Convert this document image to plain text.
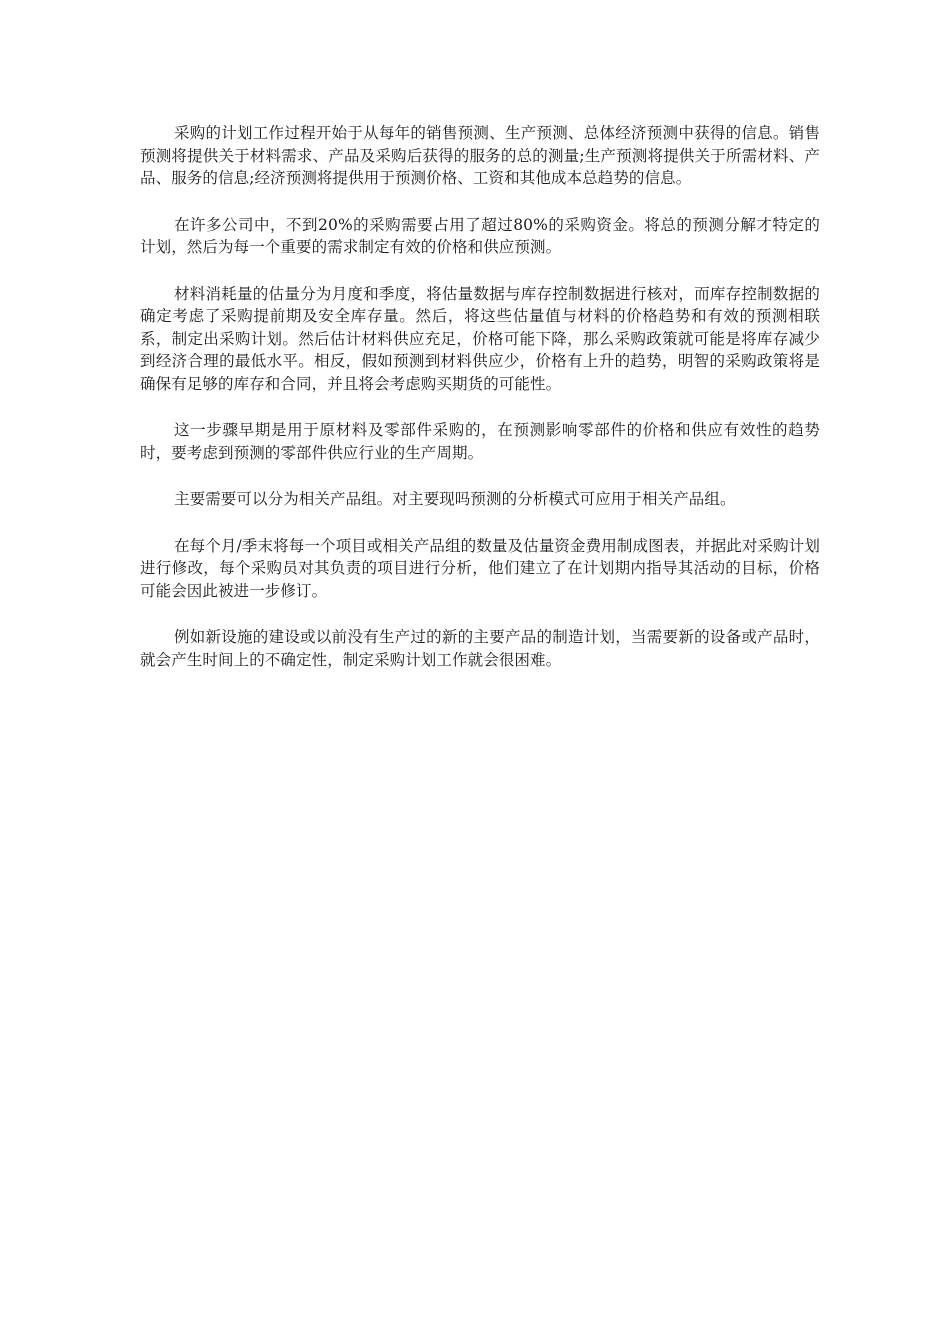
采购的计划工作过程开始于从每年的销售预测、生产预测、总体经济预测中获得的信息。销售预测将提供关于材料需求、产品及采购后获得的服务的总的测量;生产预测将提供关于所需材料、产品、服务的信息;经济预测将提供用于预测价格、工资和其他成本总趋势的信息。

在许多公司中，不到20%的采购需要占用了超过80%的采购资金。将总的预测分解才特定的计划，然后为每一个重要的需求制定有效的价格和供应预测。

材料消耗量的估量分为月度和季度，将估量数据与库存控制数据进行核对，而库存控制数据的确定考虑了采购提前期及安全库存量。然后，将这些估量值与材料的价格趋势和有效的预测相联系，制定出采购计划。然后估计材料供应充足，价格可能下降，那么采购政策就可能是将库存减少到经济合理的最低水平。相反，假如预测到材料供应少，价格有上升的趋势，明智的采购政策将是确保有足够的库存和合同，并且将会考虑购买期货的可能性。

这一步骤早期是用于原材料及零部件采购的，在预测影响零部件的价格和供应有效性的趋势时，要考虑到预测的零部件供应行业的生产周期。

主要需要可以分为相关产品组。对主要现吗预测的分析模式可应用于相关产品组。

在每个月/季末将每一个项目或相关产品组的数量及估量资金费用制成图表，并据此对采购计划进行修改，每个采购员对其负责的项目进行分析，他们建立了在计划期内指导其活动的目标，价格可能会因此被进一步修订。

例如新设施的建设或以前没有生产过的新的主要产品的制造计划，当需要新的设备或产品时，就会产生时间上的不确定性，制定采购计划工作就会很困难。
